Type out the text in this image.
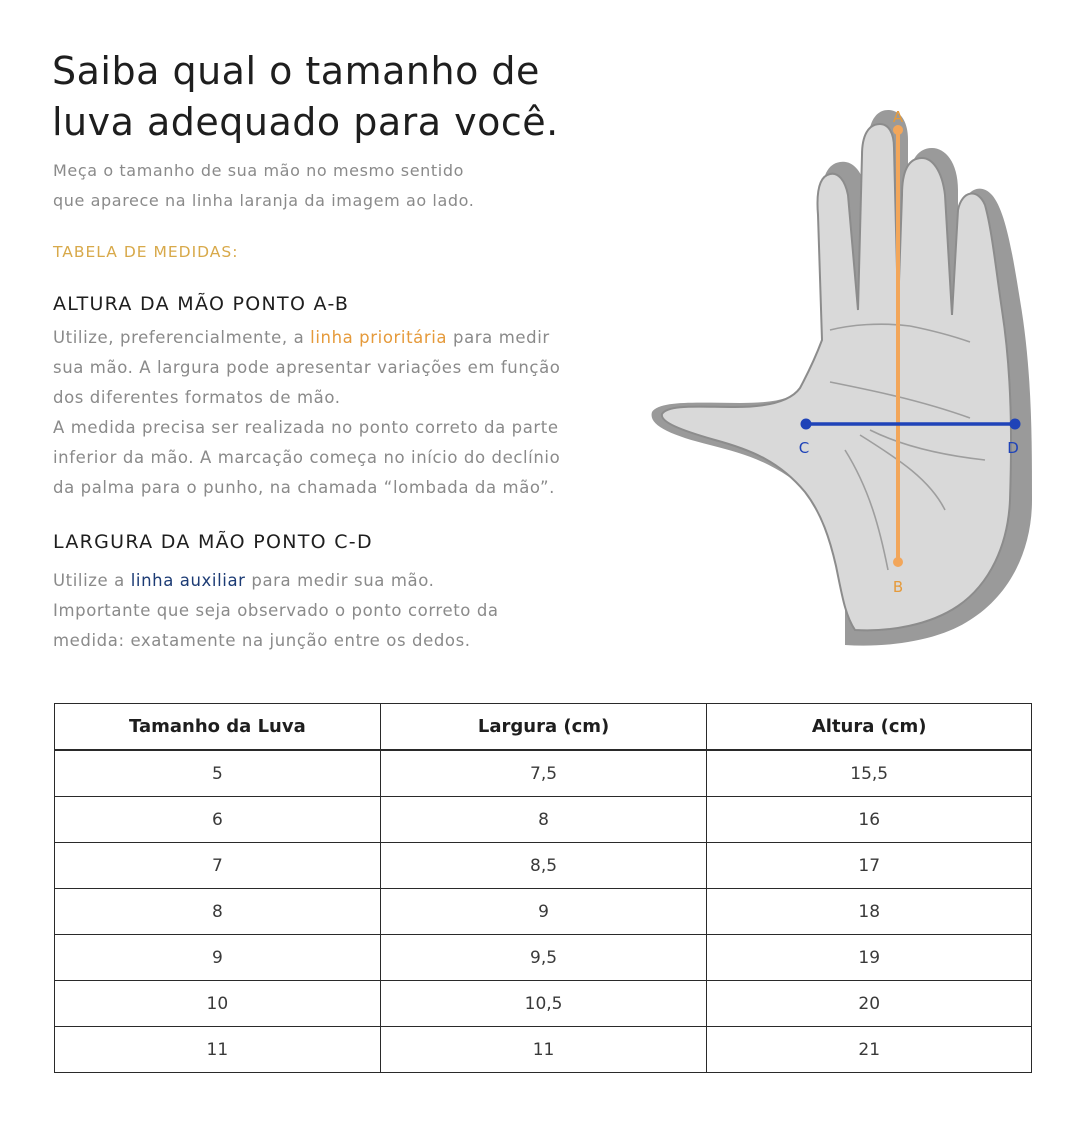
Saiba qual o tamanho de
luva adequado para você.
Meça o tamanho de sua mão no mesmo sentido
que aparece na linha laranja da imagem ao lado.
TABELA DE MEDIDAS:
ALTURA DA MÃO PONTO A-B
Utilize, preferencialmente, a linha prioritária para medir
sua mão. A largura pode apresentar variações em função
dos diferentes formatos de mão.
A medida precisa ser realizada no ponto correto da parte
inferior da mão. A marcação começa no início do declínio
da palma para o punho, na chamada “lombada da mão”.
LARGURA DA MÃO PONTO C-D
Utilize a linha auxiliar para medir sua mão.
Importante que seja observado o ponto correto da
medida: exatamente na junção entre os dedos.
A
B
C	D
Tamanho da Luva	Largura (cm)	Altura (cm)
5	7,5	15,5
6	8	16
7	8,5	17
8	9	18
9	9,5	19
10	10,5	20
11	11	21
